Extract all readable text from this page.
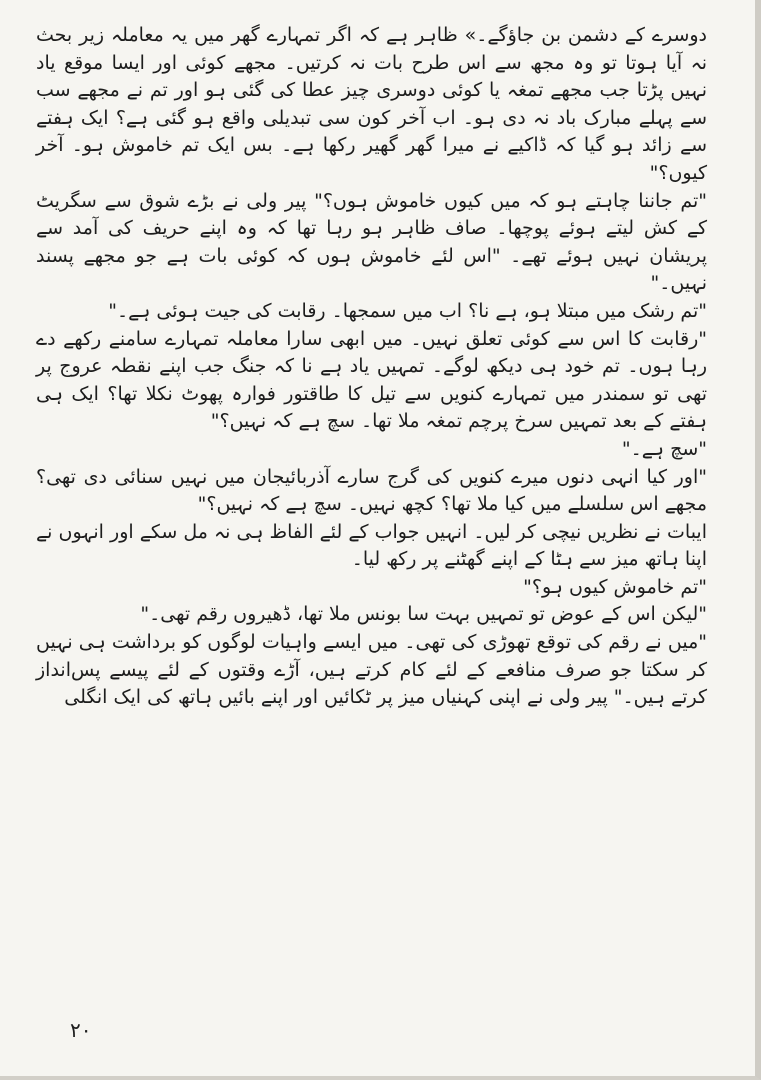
دوسرے کے دشمن بن جاؤگے۔» ظاہر ہے کہ اگر تمہارے گھر میں یہ معاملہ زیر بحث نہ آیا ہوتا تو وہ مجھ سے اس طرح بات نہ کرتیں۔ مجھے کوئی اور ایسا موقع یاد نہیں پڑتا جب مجھے تمغہ یا کوئی دوسری چیز عطا کی گئی ہو اور تم نے مجھے سب سے پہلے مبارک باد نہ دی ہو۔ اب آخر کون سی تبدیلی واقع ہو گئی ہے؟ ایک ہفتے سے زائد ہو گیا کہ ڈاکیے نے میرا گھر گھیر رکھا ہے۔ بس ایک تم خاموش ہو۔ آخر کیوں؟"

"تم جاننا چاہتے ہو کہ میں کیوں خاموش ہوں؟" پیر ولی نے بڑے شوق سے سگریٹ کے کش لیتے ہوئے پوچھا۔ صاف ظاہر ہو رہا تھا کہ وہ اپنے حریف کی آمد سے پریشان نہیں ہوئے تھے۔ "اس لئے خاموش ہوں کہ کوئی بات ہے جو مجھے پسند نہیں۔"

"تم رشک میں مبتلا ہو، ہے نا؟ اب میں سمجھا۔ رقابت کی جیت ہوئی ہے۔"

"رقابت کا اس سے کوئی تعلق نہیں۔ میں ابھی سارا معاملہ تمہارے سامنے رکھے دے رہا ہوں۔ تم خود ہی دیکھ لوگے۔ تمہیں یاد ہے نا کہ جنگ جب اپنے نقطہ عروج پر تھی تو سمندر میں تمہارے کنویں سے تیل کا طاقتور فوارہ پھوٹ نکلا تھا؟ ایک ہی ہفتے کے بعد تمہیں سرخ پرچم تمغہ ملا تھا۔ سچ ہے کہ نہیں؟"

"سچ ہے۔"

"اور کیا انہی دنوں میرے کنویں کی گرج سارے آذربائیجان میں نہیں سنائی دی تھی؟ مجھے اس سلسلے میں کیا ملا تھا؟ کچھ نہیں۔ سچ ہے کہ نہیں؟"

ایبات نے نظریں نیچی کر لیں۔ انہیں جواب کے لئے الفاظ ہی نہ مل سکے اور انہوں نے اپنا ہاتھ میز سے ہٹا کے اپنے گھٹنے پر رکھ لیا۔

"تم خاموش کیوں ہو؟"

"لیکن اس کے عوض تو تمہیں بہت سا بونس ملا تھا، ڈھیروں رقم تھی۔"

"میں نے رقم کی توقع تھوڑی کی تھی۔ میں ایسے واہیات لوگوں کو برداشت ہی نہیں کر سکتا جو صرف منافعے کے لئے کام کرتے ہیں، آڑے وقتوں کے لئے پیسے پس‌انداز کرتے ہیں۔" پیر ولی نے اپنی کہنیاں میز پر ٹکائیں اور اپنے بائیں ہاتھ کی ایک انگلی

۲۰
